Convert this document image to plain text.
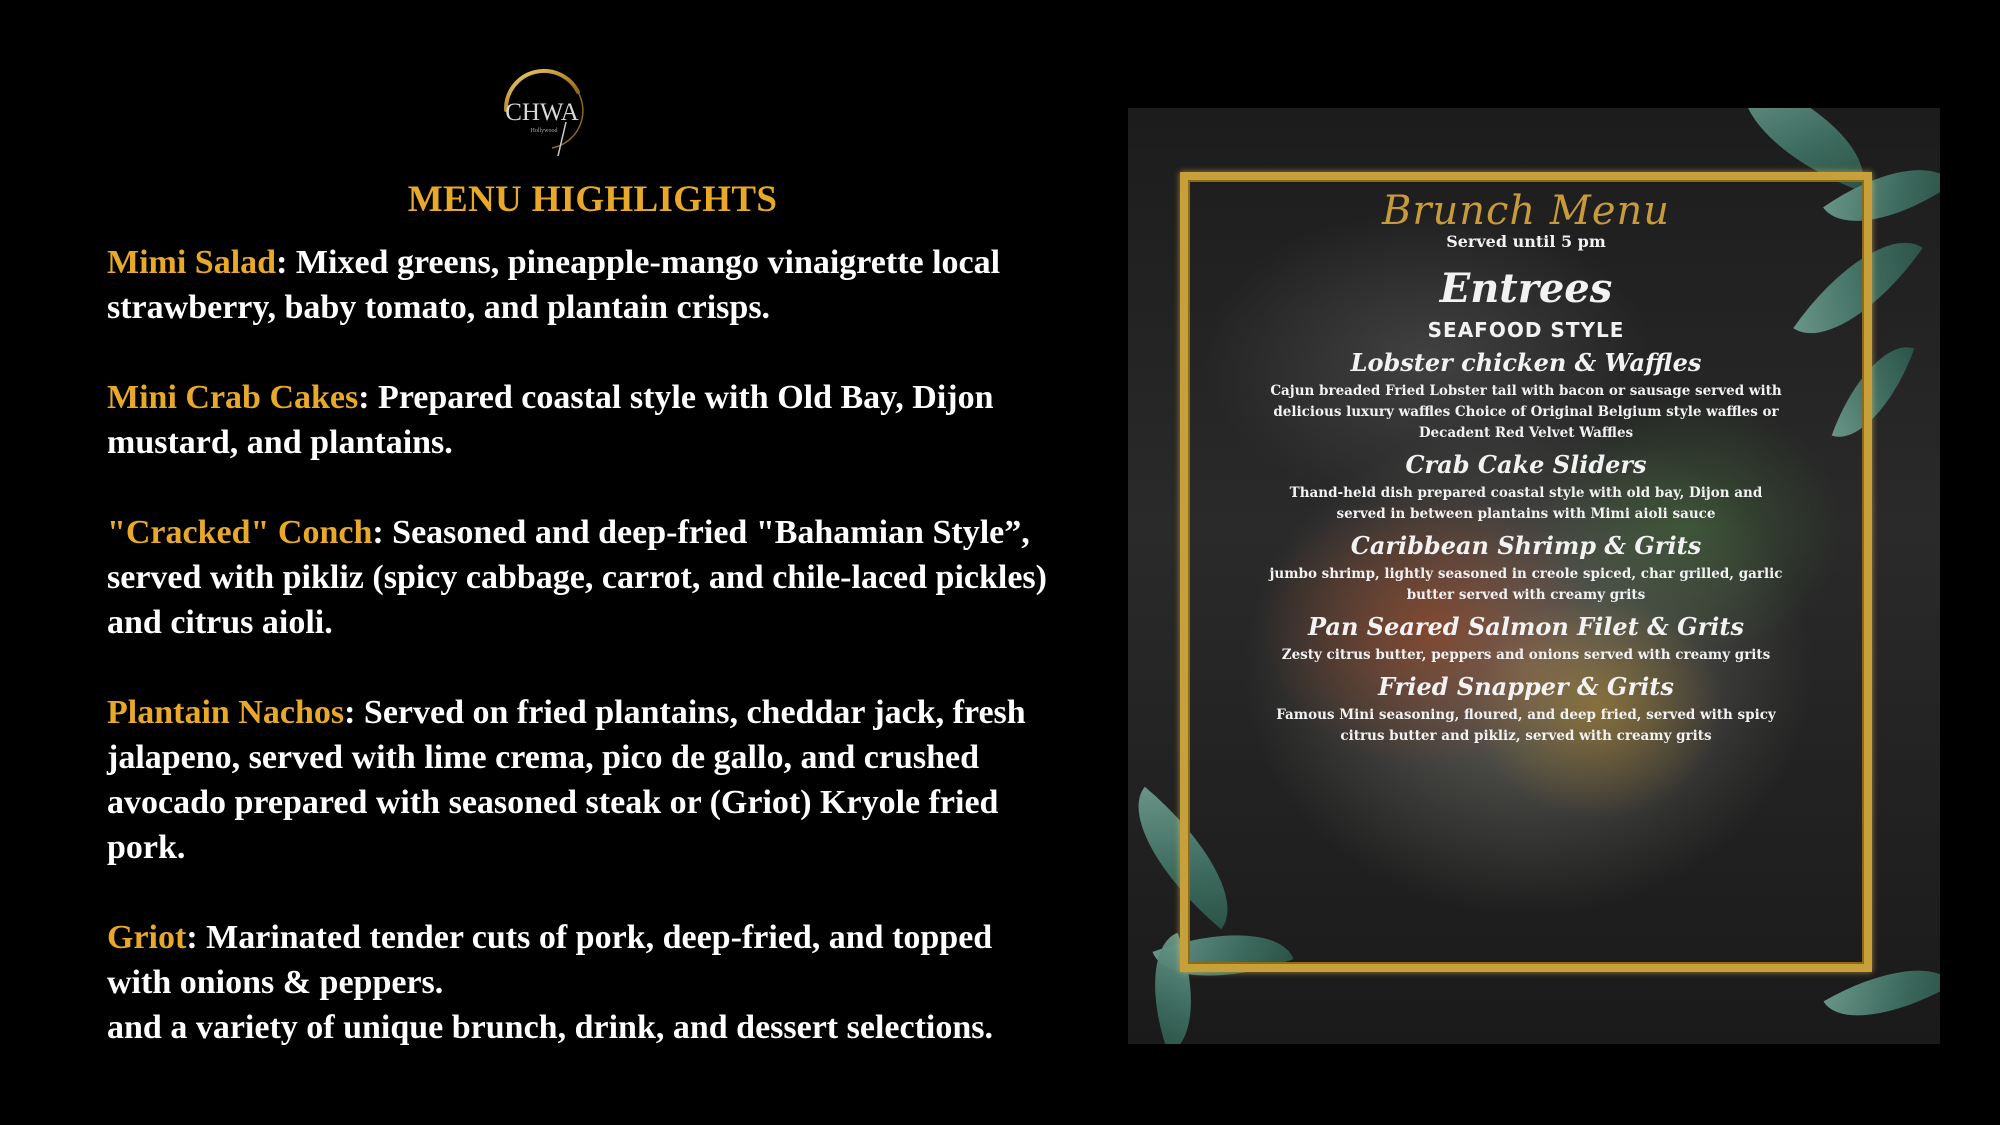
CHWA
Hollywood
MENU HIGHLIGHTS
Mimi Salad: Mixed greens, pineapple-mango vinaigrette local strawberry, baby tomato, and plantain crisps.
Mini Crab Cakes: Prepared coastal style with Old Bay, Dijon mustard, and plantains.
"Cracked" Conch: Seasoned and deep-fried "Bahamian Style”, served with pikliz (spicy cabbage, carrot, and chile-laced pickles) and citrus aioli.
Plantain Nachos: Served on fried plantains, cheddar jack, fresh jalapeno, served with lime crema, pico de gallo, and crushed avocado prepared with seasoned steak or (Griot) Kryole fried pork.
Griot: Marinated tender cuts of pork, deep-fried, and topped with onions & peppers.
and a variety of unique brunch, drink, and dessert selections.
Brunch Menu
Served until 5 pm
Entrees
SEAFOOD STYLE
Lobster chicken & Waffles
Cajun breaded Fried Lobster tail with bacon or sausage served with delicious luxury waffles Choice of Original Belgium style waffles or Decadent Red Velvet Waffles
Crab Cake Sliders
Thand-held dish prepared coastal style with old bay, Dijon and served in between plantains with Mimi aioli sauce
Caribbean Shrimp & Grits
jumbo shrimp, lightly seasoned in creole spiced, char grilled, garlic butter served with creamy grits
Pan Seared Salmon Filet & Grits
Zesty citrus butter, peppers and onions served with creamy grits
Fried Snapper & Grits
Famous Mini seasoning, floured, and deep fried, served with spicy citrus butter and pikliz, served with creamy grits
